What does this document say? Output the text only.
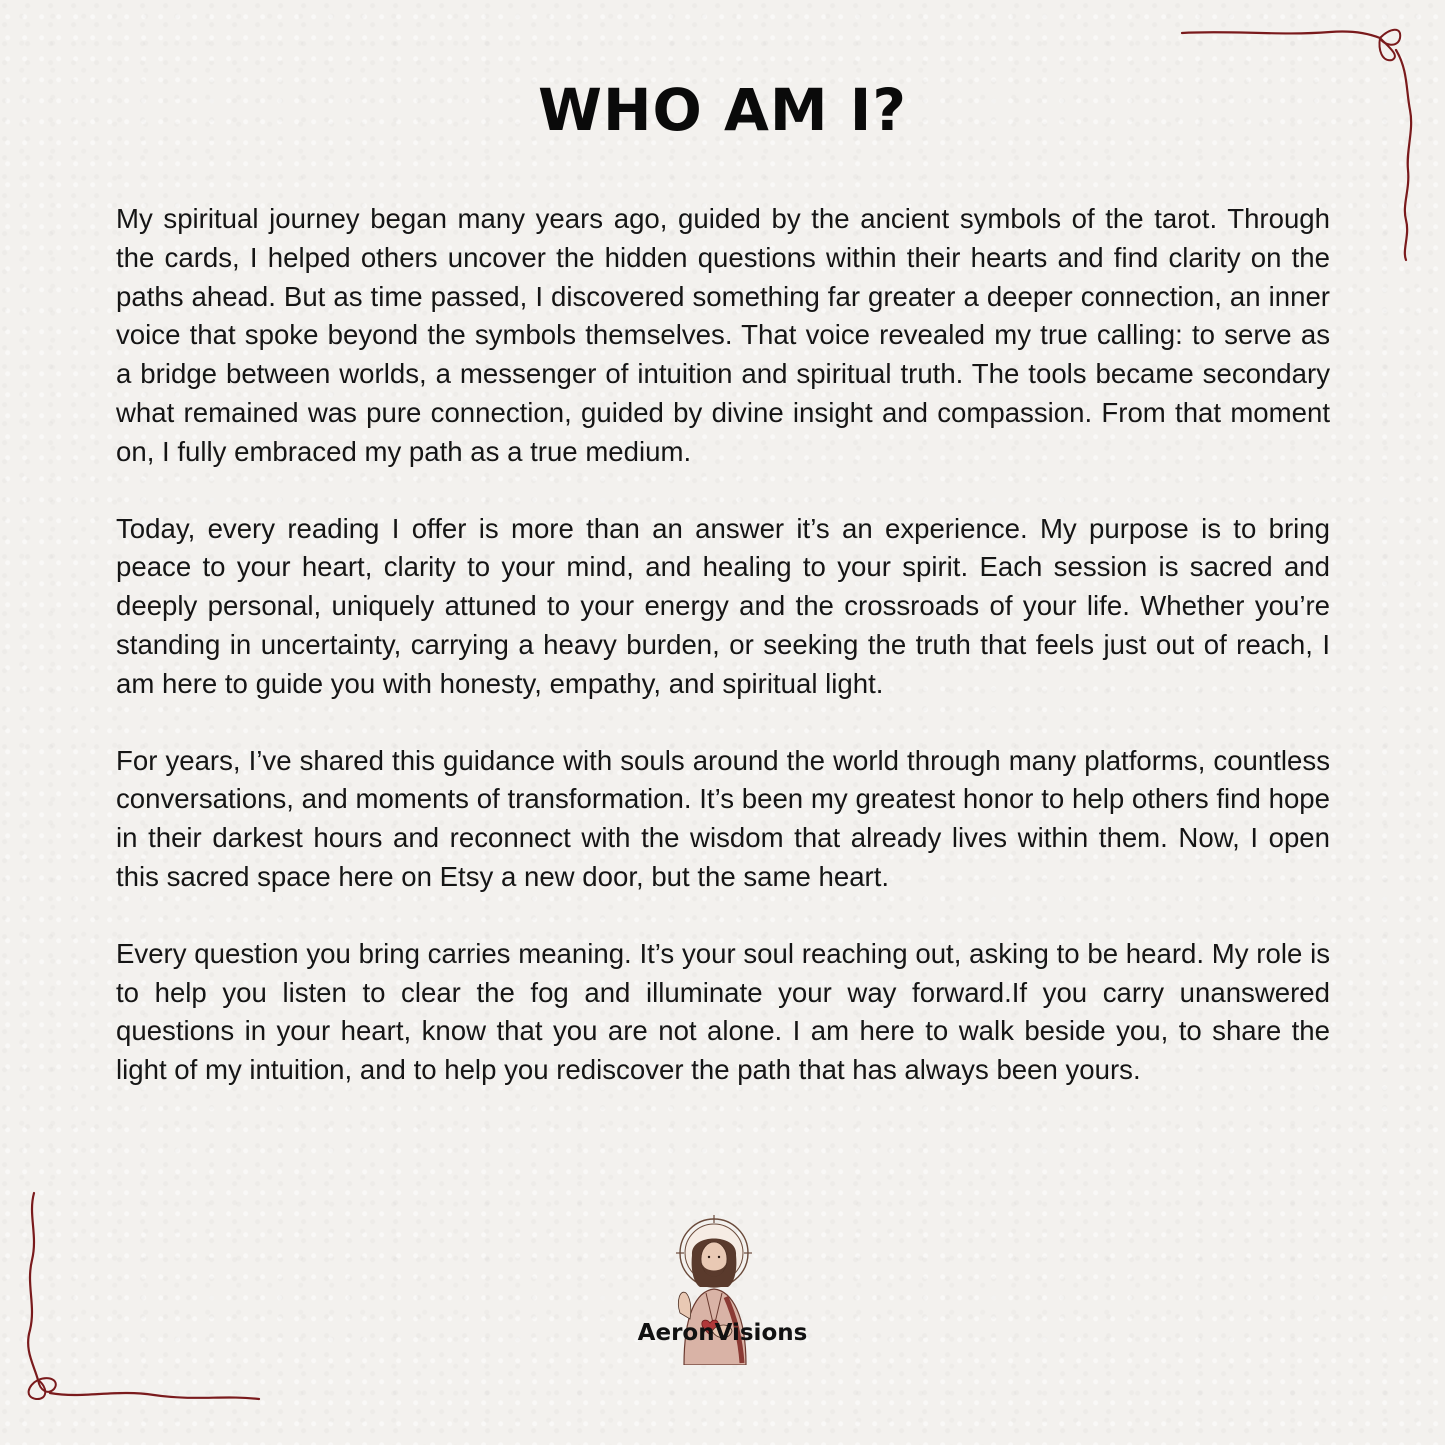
WHO AM I?

My spiritual journey began many years ago, guided by the ancient symbols of the tarot. Through the cards, I helped others uncover the hidden questions within their hearts and find clarity on the paths ahead. But as time passed, I discovered something far greater a deeper connection, an inner voice that spoke beyond the symbols themselves. That voice revealed my true calling: to serve as a bridge between worlds, a messenger of intuition and spiritual truth. The tools became secondary what remained was pure connection, guided by divine insight and compassion. From that moment on, I fully embraced my path as a true medium.

Today, every reading I offer is more than an answer it’s an experience. My purpose is to bring peace to your heart, clarity to your mind, and healing to your spirit. Each session is sacred and deeply personal, uniquely attuned to your energy and the crossroads of your life. Whether you’re standing in uncertainty, carrying a heavy burden, or seeking the truth that feels just out of reach, I am here to guide you with honesty, empathy, and spiritual light.

For years, I’ve shared this guidance with souls around the world through many platforms, countless conversations, and moments of transformation. It’s been my greatest honor to help others find hope in their darkest hours and reconnect with the wisdom that already lives within them. Now, I open this sacred space here on Etsy a new door, but the same heart.

Every question you bring carries meaning. It’s your soul reaching out, asking to be heard. My role is to help you listen to clear the fog and illuminate your way forward.If you carry unanswered questions in your heart, know that you are not alone. I am here to walk beside you, to share the light of my intuition, and to help you rediscover the path that has always been yours.

AeronVisions
